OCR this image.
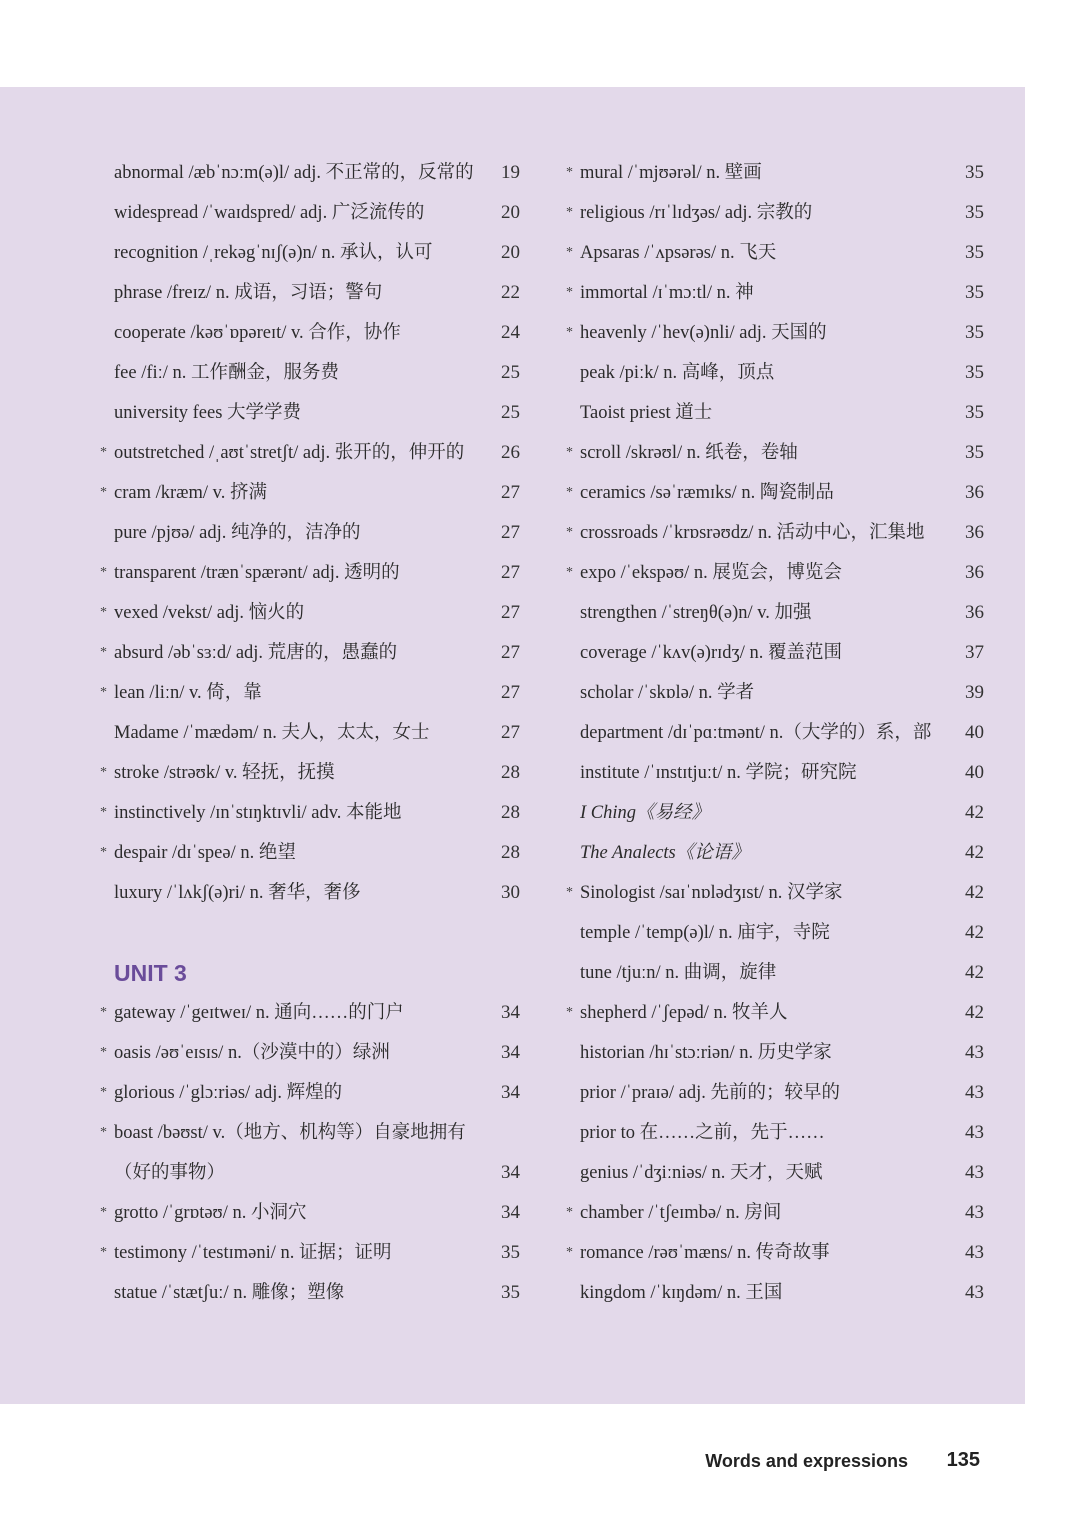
abnormal /æbˈnɔːm(ə)l/ adj. 不正常的，反常的 19
widespread /ˈwaɪdspred/ adj. 广泛流传的	20
recognition /ˌrekəgˈnɪʃ(ə)n/ n. 承认，认可	20
phrase /freɪz/ n. 成语，习语；警句	22
cooperate /kəʊˈɒpəreɪt/ v. 合作，协作	24
fee /fiː/ n. 工作酬金，服务费	25
university fees 大学学费	25
* outstretched /ˌaʊtˈstretʃt/ adj. 张开的，伸开的 26
* cram /kræm/ v. 挤满	27
pure /pjʊə/ adj. 纯净的，洁净的	27
* transparent /trænˈspærənt/ adj. 透明的	27
* vexed /vekst/ adj. 恼火的	27
* absurd /əbˈsɜːd/ adj. 荒唐的，愚蠢的	27
* lean /liːn/ v. 倚，靠	27
Madame /ˈmædəm/ n. 夫人，太太，女士	27
* stroke /strəʊk/ v. 轻抚，抚摸	28
* instinctively /ɪnˈstɪŋktɪvli/ adv. 本能地	28
* despair /dɪˈspeə/ n. 绝望	28
luxury /ˈlʌkʃ(ə)ri/ n. 奢华，奢侈	30
UNIT 3
* gateway /ˈgeɪtweɪ/ n. 通向……的门户	34
* oasis /əʊˈeɪsɪs/ n.（沙漠中的）绿洲	34
* glorious /ˈglɔːriəs/ adj. 辉煌的	34
* boast /bəʊst/ v.（地方、机构等）自豪地拥有
（好的事物）	34
* grotto /ˈgrɒtəʊ/ n. 小洞穴	34
* testimony /ˈtestɪməni/ n. 证据；证明	35
statue /ˈstætʃuː/ n. 雕像；塑像	35
* mural /ˈmjʊərəl/ n. 壁画	35
* religious /rɪˈlɪdʒəs/ adj. 宗教的	35
* Apsaras /ˈʌpsərəs/ n. 飞天	35
* immortal /ɪˈmɔːtl/ n. 神	35
* heavenly /ˈhev(ə)nli/ adj. 天国的	35
peak /piːk/ n. 高峰，顶点	35
Taoist priest 道士	35
* scroll /skrəʊl/ n. 纸卷，卷轴	35
* ceramics /səˈræmɪks/ n. 陶瓷制品	36
* crossroads /ˈkrɒsrəʊdz/ n. 活动中心，汇集地 36
* expo /ˈekspəʊ/ n. 展览会，博览会	36
strengthen /ˈstreŋθ(ə)n/ v. 加强	36
coverage /ˈkʌv(ə)rɪdʒ/ n. 覆盖范围	37
scholar /ˈskɒlə/ n. 学者	39
department /dɪˈpɑːtmənt/ n.（大学的）系，部 40
institute /ˈɪnstɪtjuːt/ n. 学院；研究院	40
I Ching《易经》	42
The Analects《论语》	42
* Sinologist /saɪˈnɒlədʒɪst/ n. 汉学家	42
temple /ˈtemp(ə)l/ n. 庙宇，寺院	42
tune /tjuːn/ n. 曲调，旋律	42
* shepherd /ˈʃepəd/ n. 牧羊人	42
historian /hɪˈstɔːriən/ n. 历史学家	43
prior /ˈpraɪə/ adj. 先前的；较早的	43
prior to 在……之前，先于……	43
genius /ˈdʒiːniəs/ n. 天才，天赋	43
* chamber /ˈtʃeɪmbə/ n. 房间	43
* romance /rəʊˈmæns/ n. 传奇故事	43
kingdom /ˈkɪŋdəm/ n. 王国	43
Words and expressions 135
